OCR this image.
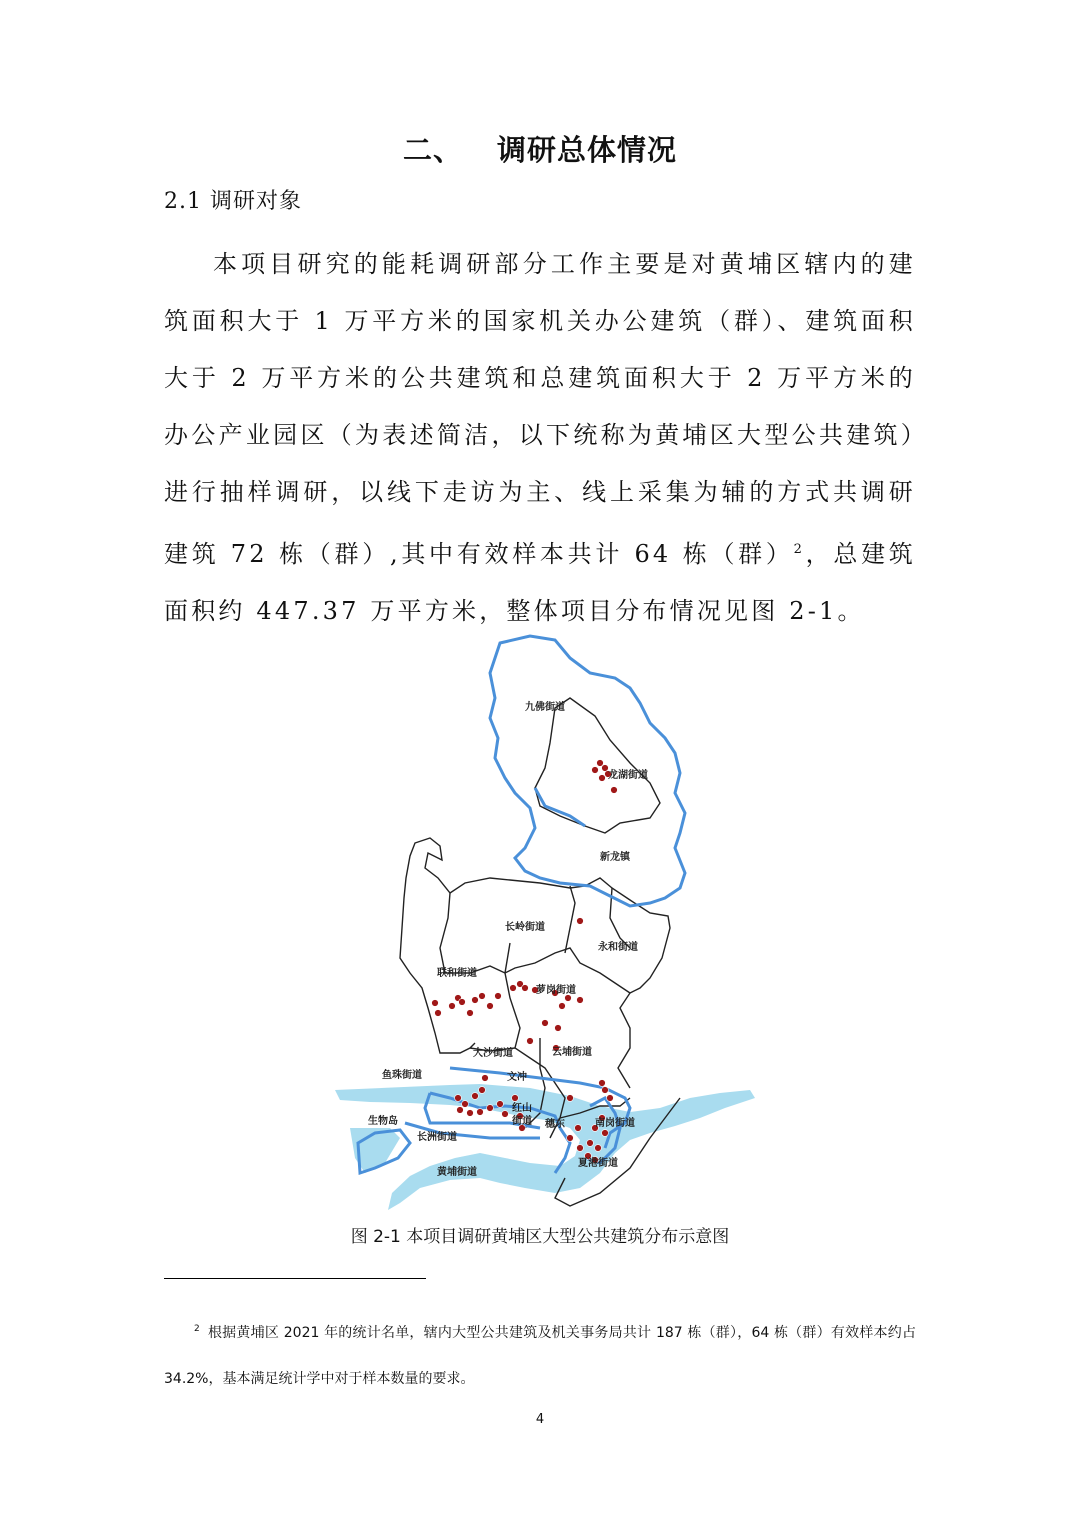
二、 调研总体情况
2.1 调研对象

本项目研究的能耗调研部分工作主要是对黄埔区辖内的建筑面积大于 1 万平方米的国家机关办公建筑（群）、建筑面积大于 2 万平方米的公共建筑和总建筑面积大于 2 万平方米的办公产业园区（为表述简洁，以下统称为黄埔区大型公共建筑）进行抽样调研，以线下走访为主、线上采集为辅的方式共调研建筑 72 栋（群）,其中有效样本共计 64 栋（群）$^2$，总建筑面积约 447.37 万平方米，整体项目分布情况见图 2-1。

九佛街道
龙湖街道
新龙镇
长岭街道
永和街道
联和街道
萝岗街道
云埔街道
大沙街道
鱼珠街道	文冲
红山
街道 穗东	南岗街道
生物岛
长洲街道
黄埔街道
夏港街道
图 2-1 本项目调研黄埔区大型公共建筑分布示意图

$^2$ 根据黄埔区 2021 年的统计名单，辖内大型公共建筑及机关事务局共计 187 栋（群），64 栋（群）有效样本约占 34.2%，基本满足统计学中对于样本数量的要求。

4
